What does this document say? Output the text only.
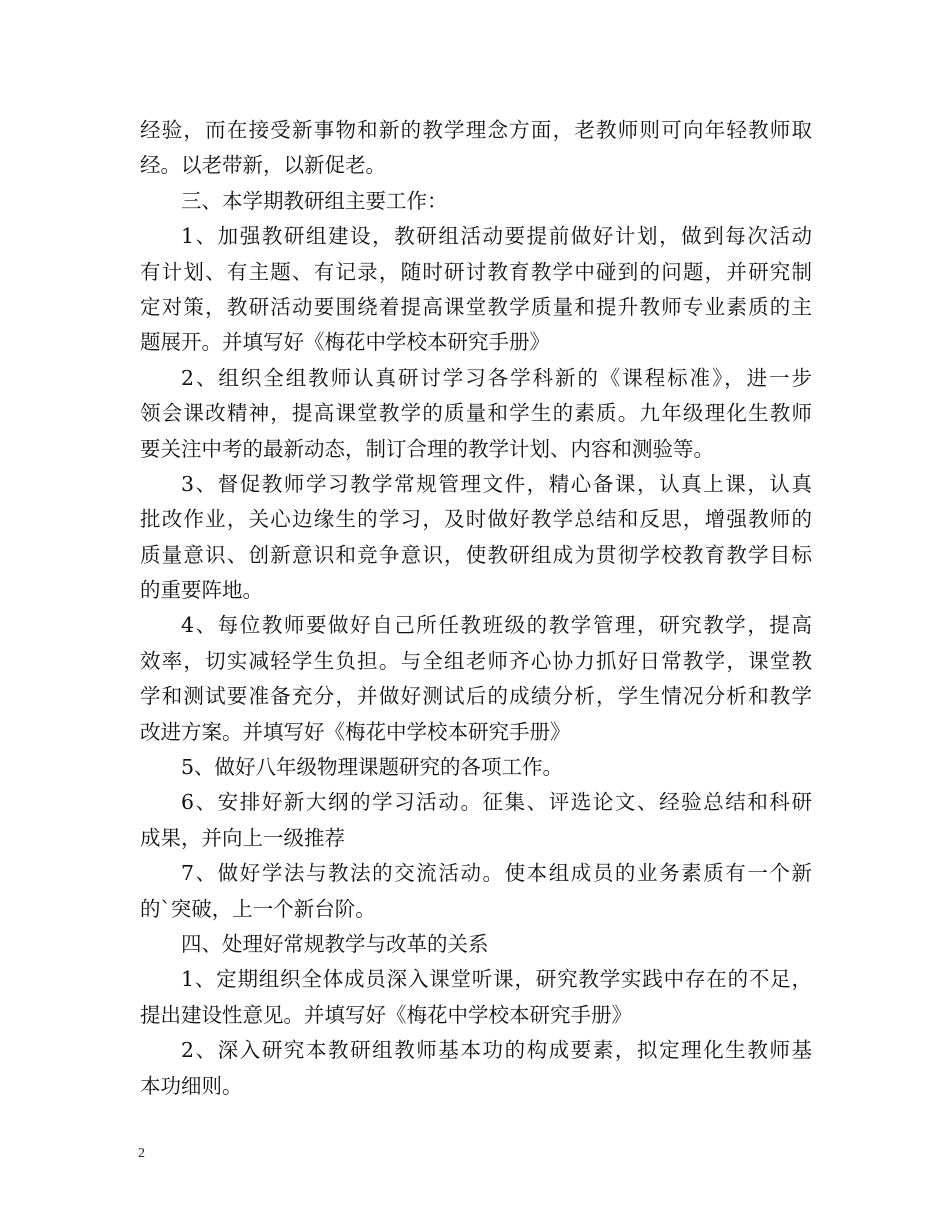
经验，而在接受新事物和新的教学理念方面，老教师则可向年轻教师取
经。以老带新，以新促老。
三、本学期教研组主要工作：
1、加强教研组建设，教研组活动要提前做好计划，做到每次活动
有计划、有主题、有记录，随时研讨教育教学中碰到的问题，并研究制
定对策，教研活动要围绕着提高课堂教学质量和提升教师专业素质的主
题展开。并填写好《梅花中学校本研究手册》
2、组织全组教师认真研讨学习各学科新的《课程标准》，进一步
领会课改精神，提高课堂教学的质量和学生的素质。九年级理化生教师
要关注中考的最新动态，制订合理的教学计划、内容和测验等。
3、督促教师学习教学常规管理文件，精心备课，认真上课，认真
批改作业，关心边缘生的学习，及时做好教学总结和反思，增强教师的
质量意识、创新意识和竞争意识，使教研组成为贯彻学校教育教学目标
的重要阵地。
4、每位教师要做好自己所任教班级的教学管理，研究教学，提高
效率，切实减轻学生负担。与全组老师齐心协力抓好日常教学，课堂教
学和测试要准备充分，并做好测试后的成绩分析，学生情况分析和教学
改进方案。并填写好《梅花中学校本研究手册》
5、做好八年级物理课题研究的各项工作。
6、安排好新大纲的学习活动。征集、评选论文、经验总结和科研
成果，并向上一级推荐
7、做好学法与教法的交流活动。使本组成员的业务素质有一个新
的`突破，上一个新台阶。
四、处理好常规教学与改革的关系
1、定期组织全体成员深入课堂听课，研究教学实践中存在的不足，
提出建设性意见。并填写好《梅花中学校本研究手册》
2、深入研究本教研组教师基本功的构成要素，拟定理化生教师基
本功细则。
2
